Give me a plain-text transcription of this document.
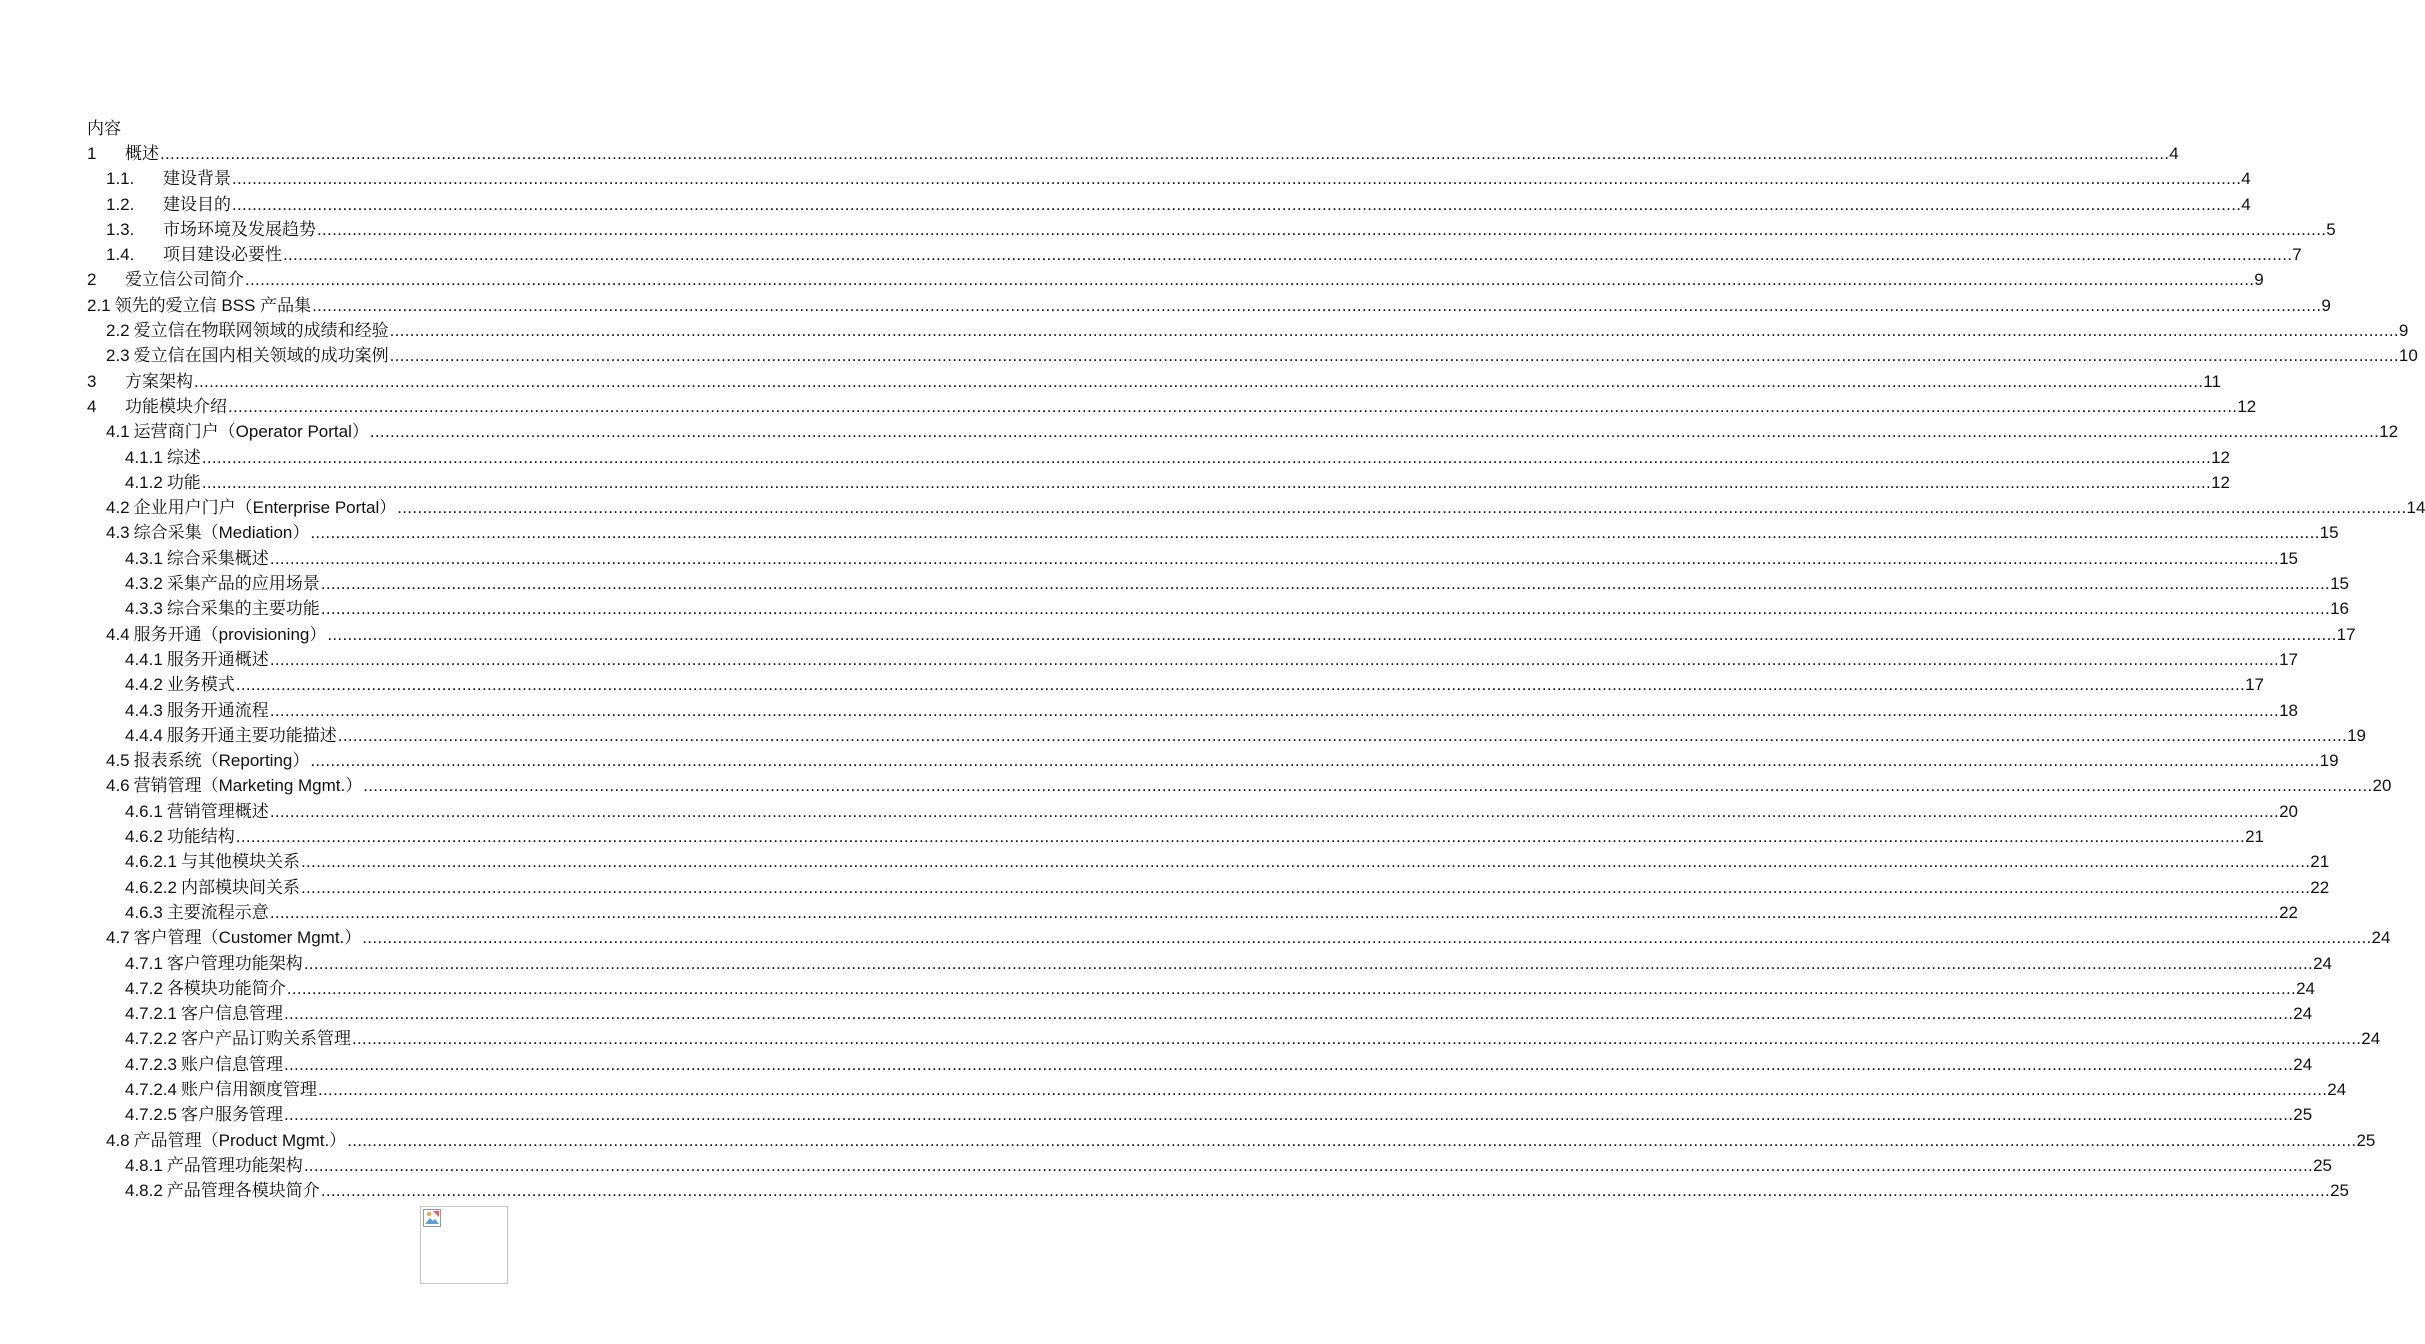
内容
1	概述 ................................................................................................................................................................................................................................................................................................................................................................................................................ 4
1.1.	建设背景 ................................................................................................................................................................................................................................................................................................................................................................................................................ 4
1.2.	建设目的 ................................................................................................................................................................................................................................................................................................................................................................................................................ 4
1.3.	市场环境及发展趋势 ................................................................................................................................................................................................................................................................................................................................................................................................................ 5
1.4.	项目建设必要性 ................................................................................................................................................................................................................................................................................................................................................................................................................ 7
2	爱立信公司简介 ................................................................................................................................................................................................................................................................................................................................................................................................................ 9
2.1 领先的爱立信 BSS 产品集 ................................................................................................................................................................................................................................................................................................................................................................................................................ 9
2.2 爱立信在物联网领域的成绩和经验 ................................................................................................................................................................................................................................................................................................................................................................................................................ 9
2.3 爱立信在国内相关领域的成功案例 ................................................................................................................................................................................................................................................................................................................................................................................................................ 10
3	方案架构 ................................................................................................................................................................................................................................................................................................................................................................................................................ 11
4	功能模块介绍 ................................................................................................................................................................................................................................................................................................................................................................................................................ 12
4.1 运营商门户（Operator Portal） ................................................................................................................................................................................................................................................................................................................................................................................................................ 12
4.1.1 综述 ................................................................................................................................................................................................................................................................................................................................................................................................................ 12
4.1.2 功能 ................................................................................................................................................................................................................................................................................................................................................................................................................ 12
4.2 企业用户门户（Enterprise Portal） ................................................................................................................................................................................................................................................................................................................................................................................................................ 14
4.3 综合采集（Mediation） ................................................................................................................................................................................................................................................................................................................................................................................................................ 15
4.3.1 综合采集概述 ................................................................................................................................................................................................................................................................................................................................................................................................................ 15
4.3.2 采集产品的应用场景 ................................................................................................................................................................................................................................................................................................................................................................................................................ 15
4.3.3 综合采集的主要功能 ................................................................................................................................................................................................................................................................................................................................................................................................................ 16
4.4 服务开通（provisioning） ................................................................................................................................................................................................................................................................................................................................................................................................................ 17
4.4.1 服务开通概述 ................................................................................................................................................................................................................................................................................................................................................................................................................ 17
4.4.2 业务模式 ................................................................................................................................................................................................................................................................................................................................................................................................................ 17
4.4.3 服务开通流程 ................................................................................................................................................................................................................................................................................................................................................................................................................ 18
4.4.4 服务开通主要功能描述 ................................................................................................................................................................................................................................................................................................................................................................................................................ 19
4.5 报表系统（Reporting） ................................................................................................................................................................................................................................................................................................................................................................................................................ 19
4.6 营销管理（Marketing Mgmt.） ................................................................................................................................................................................................................................................................................................................................................................................................................ 20
4.6.1 营销管理概述 ................................................................................................................................................................................................................................................................................................................................................................................................................ 20
4.6.2 功能结构 ................................................................................................................................................................................................................................................................................................................................................................................................................ 21
4.6.2.1 与其他模块关系 ................................................................................................................................................................................................................................................................................................................................................................................................................ 21
4.6.2.2 内部模块间关系 ................................................................................................................................................................................................................................................................................................................................................................................................................ 22
4.6.3 主要流程示意 ................................................................................................................................................................................................................................................................................................................................................................................................................ 22
4.7 客户管理（Customer Mgmt.） ................................................................................................................................................................................................................................................................................................................................................................................................................ 24
4.7.1 客户管理功能架构 ................................................................................................................................................................................................................................................................................................................................................................................................................ 24
4.7.2 各模块功能简介 ................................................................................................................................................................................................................................................................................................................................................................................................................ 24
4.7.2.1 客户信息管理 ................................................................................................................................................................................................................................................................................................................................................................................................................ 24
4.7.2.2 客户产品订购关系管理 ................................................................................................................................................................................................................................................................................................................................................................................................................ 24
4.7.2.3 账户信息管理 ................................................................................................................................................................................................................................................................................................................................................................................................................ 24
4.7.2.4 账户信用额度管理 ................................................................................................................................................................................................................................................................................................................................................................................................................ 24
4.7.2.5 客户服务管理 ................................................................................................................................................................................................................................................................................................................................................................................................................ 25
4.8 产品管理（Product Mgmt.） ................................................................................................................................................................................................................................................................................................................................................................................................................ 25
4.8.1 产品管理功能架构 ................................................................................................................................................................................................................................................................................................................................................................................................................ 25
4.8.2 产品管理各模块简介 ................................................................................................................................................................................................................................................................................................................................................................................................................ 25
